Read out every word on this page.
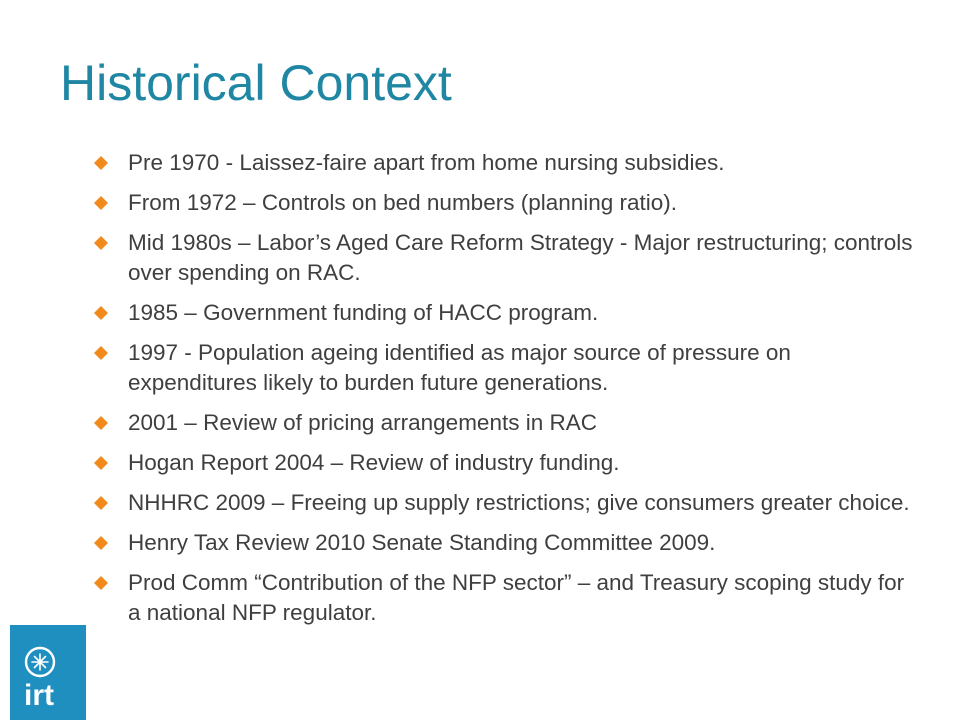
Historical Context
Pre 1970 - Laissez-faire apart from home nursing subsidies.
From 1972 – Controls on bed numbers (planning ratio).
Mid 1980s – Labor’s Aged Care Reform Strategy - Major restructuring; controls over spending on RAC.
1985 – Government funding of HACC program.
1997 - Population ageing identified as major source of pressure on expenditures likely to burden future generations.
2001 – Review of pricing arrangements in RAC
Hogan Report 2004 – Review of industry funding.
NHHRC 2009 – Freeing up supply restrictions; give consumers greater choice.
Henry Tax Review 2010 Senate Standing Committee 2009.
Prod Comm “Contribution of the NFP sector” – and Treasury scoping study for a national NFP regulator.
irt
